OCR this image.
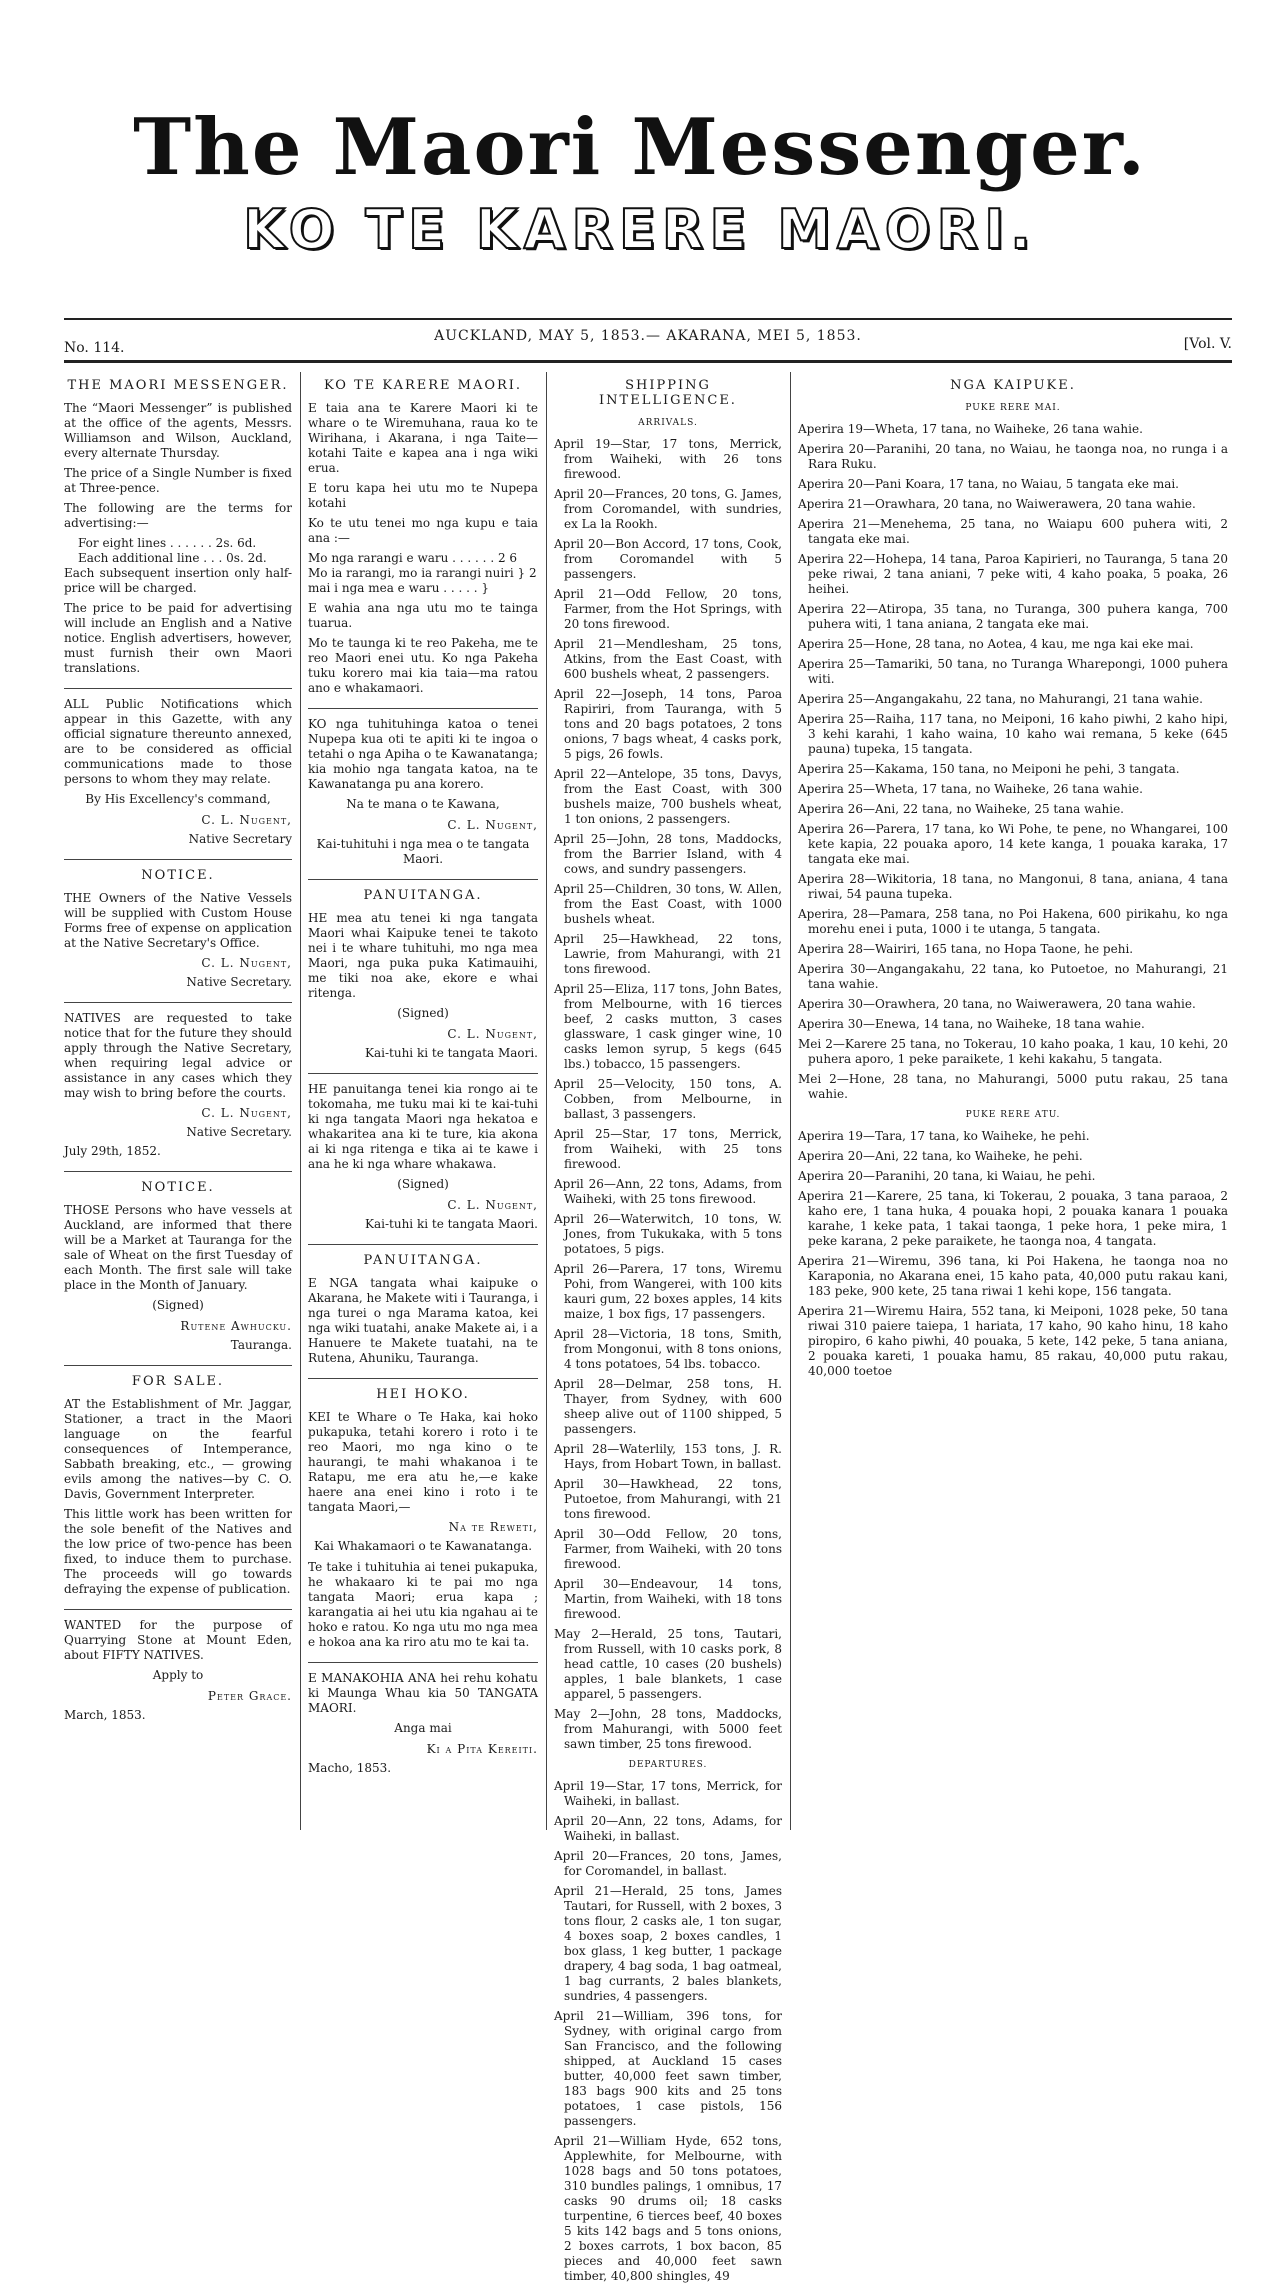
The Maori Messenger.
KO TE KARERE MAORI.
No. 114.
AUCKLAND, MAY 5, 1853.— AKARANA, MEI 5, 1853.	[Vol. V.
THE MAORI MESSENGER.

The “Maori Messenger” is published at the office of the agents, Messrs. Williamson and Wilson, Auckland, every alternate Thursday.

The price of a Single Number is fixed at Three-pence.

The following are the terms for advertising:—

For eight lines . . . . . . 2s. 6d.

Each additional line . . . 0s. 2d.

Each subsequent insertion only half-price will be charged.

The price to be paid for advertising will include an English and a Native notice. English advertisers, however, must furnish their own Maori translations.

ALL Public Notifications which appear in this Gazette, with any official signature thereunto annexed, are to be considered as official communications made to those persons to whom they may relate.

By His Excellency's command,

C. L. Nugent,

Native Secretary

NOTICE.

THE Owners of the Native Vessels will be supplied with Custom House Forms free of expense on application at the Native Secretary's Office.

C. L. Nugent,

Native Secretary.

NATIVES are requested to take notice that for the future they should apply through the Native Secretary, when requiring legal advice or assistance in any cases which they may wish to bring before the courts.

C. L. Nugent,

Native Secretary.

July 29th, 1852.

NOTICE.

THOSE Persons who have vessels at Auckland, are informed that there will be a Market at Tauranga for the sale of Wheat on the first Tuesday of each Month. The first sale will take place in the Month of January.

(Signed)

Rutene Awhucku.

Tauranga.

FOR SALE.

AT the Establishment of Mr. Jaggar, Stationer, a tract in the Maori language on the fearful consequences of Intemperance, Sabbath breaking, etc., — growing evils among the natives—by C. O. Davis, Government Interpreter.

This little work has been written for the sole benefit of the Natives and the low price of two-pence has been fixed, to induce them to purchase. The proceeds will go towards defraying the expense of publication.

WANTED for the purpose of Quarrying Stone at Mount Eden, about FIFTY NATIVES.

Apply to

Peter Grace.

March, 1853.

KO TE KARERE MAORI.

E taia ana te Karere Maori ki te whare o te Wiremuhana, raua ko te Wirihana, i Akarana, i nga Taite—kotahi Taite e kapea ana i nga wiki erua.

E toru kapa hei utu mo te Nupepa kotahi

Ko te utu tenei mo nga kupu e taia ana :—

Mo nga rarangi e waru . . . . . . 2 6

Mo ia rarangi, mo ia rarangi nuiri } 2

mai i nga mea e waru . . . . . }

E wahia ana nga utu mo te tainga tuarua.

Mo te taunga ki te reo Pakeha, me te reo Maori enei utu. Ko nga Pakeha tuku korero mai kia taia—ma ratou ano e whakamaori.

KO nga tuhituhinga katoa o tenei Nupepa kua oti te apiti ki te ingoa o tetahi o nga Apiha o te Kawanatanga; kia mohio nga tangata katoa, na te Kawanatanga pu ana korero.

Na te mana o te Kawana,

C. L. Nugent,

Kai-tuhituhi i nga mea o te tangata Maori.

PANUITANGA.

HE mea atu tenei ki nga tangata Maori whai Kaipuke tenei te takoto nei i te whare tuhituhi, mo nga mea Maori, nga puka puka Katimauihi, me tiki noa ake, ekore e whai ritenga.

(Signed)

C. L. Nugent,

Kai-tuhi ki te tangata Maori.

HE panuitanga tenei kia rongo ai te tokomaha, me tuku mai ki te kai-tuhi ki nga tangata Maori nga hekatoa e whakaritea ana ki te ture, kia akona ai ki nga ritenga e tika ai te kawe i ana he ki nga whare whakawa.

(Signed)

C. L. Nugent,

Kai-tuhi ki te tangata Maori.

PANUITANGA.

E NGA tangata whai kaipuke o Akarana, he Makete witi i Tauranga, i nga turei o nga Marama katoa, kei nga wiki tuatahi, anake Makete ai, i a Hanuere te Makete tuatahi, na te Rutena, Ahuniku, Tauranga.

HEI HOKO.

KEI te Whare o Te Haka, kai hoko pukapuka, tetahi korero i roto i te reo Maori, mo nga kino o te haurangi, te mahi whakanoa i te Ratapu, me era atu he,—e kake haere ana enei kino i roto i te tangata Maori,—

Na te Reweti,

Kai Whakamaori o te Kawanatanga.

Te take i tuhituhia ai tenei pukapuka, he whakaaro ki te pai mo nga tangata Maori; erua kapa ; karangatia ai hei utu kia ngahau ai te hoko e ratou. Ko nga utu mo nga mea e hokoa ana ka riro atu mo te kai ta.

E MANAKOHIA ANA hei rehu kohatu ki Maunga Whau kia 50 TANGATA MAORI.

Anga mai

Ki a Pita Kereiti.

Macho, 1853.

SHIPPING INTELLIGENCE.
ARRIVALS.
April 19—Star, 17 tons, Merrick, from Waiheki, with 26 tons firewood.
April 20—Frances, 20 tons, G. James, from Coromandel, with sundries, ex La la Rookh.
April 20—Bon Accord, 17 tons, Cook, from Coromandel with 5 passengers.
April 21—Odd Fellow, 20 tons, Farmer, from the Hot Springs, with 20 tons firewood.
April 21—Mendlesham, 25 tons, Atkins, from the East Coast, with 600 bushels wheat, 2 passengers.
April 22—Joseph, 14 tons, Paroa Rapiriri, from Tauranga, with 5 tons and 20 bags potatoes, 2 tons onions, 7 bags wheat, 4 casks pork, 5 pigs, 26 fowls.
April 22—Antelope, 35 tons, Davys, from the East Coast, with 300 bushels maize, 700 bushels wheat, 1 ton onions, 2 passengers.
April 25—John, 28 tons, Maddocks, from the Barrier Island, with 4 cows, and sundry passengers.
April 25—Children, 30 tons, W. Allen, from the East Coast, with 1000 bushels wheat.
April 25—Hawkhead, 22 tons, Lawrie, from Mahurangi, with 21 tons firewood.
April 25—Eliza, 117 tons, John Bates, from Melbourne, with 16 tierces beef, 2 casks mutton, 3 cases glassware, 1 cask ginger wine, 10 casks lemon syrup, 5 kegs (645 lbs.) tobacco, 15 passengers.
April 25—Velocity, 150 tons, A. Cobben, from Melbourne, in ballast, 3 passengers.
April 25—Star, 17 tons, Merrick, from Waiheki, with 25 tons firewood.
April 26—Ann, 22 tons, Adams, from Waiheki, with 25 tons firewood.
April 26—Waterwitch, 10 tons, W. Jones, from Tukukaka, with 5 tons potatoes, 5 pigs.
April 26—Parera, 17 tons, Wiremu Pohi, from Wangerei, with 100 kits kauri gum, 22 boxes apples, 14 kits maize, 1 box figs, 17 passengers.
April 28—Victoria, 18 tons, Smith, from Mongonui, with 8 tons onions, 4 tons potatoes, 54 lbs. tobacco.
April 28—Delmar, 258 tons, H. Thayer, from Sydney, with 600 sheep alive out of 1100 shipped, 5 passengers.
April 28—Waterlily, 153 tons, J. R. Hays, from Hobart Town, in ballast.
April 30—Hawkhead, 22 tons, Putoetoe, from Mahurangi, with 21 tons firewood.
April 30—Odd Fellow, 20 tons, Farmer, from Waiheki, with 20 tons firewood.
April 30—Endeavour, 14 tons, Martin, from Waiheki, with 18 tons firewood.
May 2—Herald, 25 tons, Tautari, from Russell, with 10 casks pork, 8 head cattle, 10 cases (20 bushels) apples, 1 bale blankets, 1 case apparel, 5 passengers.
May 2—John, 28 tons, Maddocks, from Mahurangi, with 5000 feet sawn timber, 25 tons firewood.
DEPARTURES.
April 19—Star, 17 tons, Merrick, for Waiheki, in ballast.
April 20—Ann, 22 tons, Adams, for Waiheki, in ballast.
April 20—Frances, 20 tons, James, for Coromandel, in ballast.
April 21—Herald, 25 tons, James Tautari, for Russell, with 2 boxes, 3 tons flour, 2 casks ale, 1 ton sugar, 4 boxes soap, 2 boxes candles, 1 box glass, 1 keg butter, 1 package drapery, 4 bag soda, 1 bag oatmeal, 1 bag currants, 2 bales blankets, sundries, 4 passengers.
April 21—William, 396 tons, for Sydney, with original cargo from San Francisco, and the following shipped, at Auckland 15 cases butter, 40,000 feet sawn timber, 183 bags 900 kits and 25 tons potatoes, 1 case pistols, 156 passengers.
April 21—William Hyde, 652 tons, Applewhite, for Melbourne, with 1028 bags and 50 tons potatoes, 310 bundles palings, 1 omnibus, 17 casks 90 drums oil; 18 casks turpentine, 6 tierces beef, 40 boxes 5 kits 142 bags and 5 tons onions, 2 boxes carrots, 1 box bacon, 85 pieces and 40,000 feet sawn timber, 40,800 shingles, 49
NGA KAIPUKE.
PUKE RERE MAI.
Aperira 19—Wheta, 17 tana, no Waiheke, 26 tana wahie.
Aperira 20—Paranihi, 20 tana, no Waiau, he taonga noa, no runga i a Rara Ruku.
Aperira 20—Pani Koara, 17 tana, no Waiau, 5 tangata eke mai.
Aperira 21—Orawhara, 20 tana, no Waiwerawera, 20 tana wahie.
Aperira 21—Menehema, 25 tana, no Waiapu 600 puhera witi, 2 tangata eke mai.
Aperira 22—Hohepa, 14 tana, Paroa Kapirieri, no Tauranga, 5 tana 20 peke riwai, 2 tana aniani, 7 peke witi, 4 kaho poaka, 5 poaka, 26 heihei.
Aperira 22—Atiropa, 35 tana, no Turanga, 300 puhera kanga, 700 puhera witi, 1 tana aniana, 2 tangata eke mai.
Aperira 25—Hone, 28 tana, no Aotea, 4 kau, me nga kai eke mai.
Aperira 25—Tamariki, 50 tana, no Turanga Wharepongi, 1000 puhera witi.
Aperira 25—Angangakahu, 22 tana, no Mahurangi, 21 tana wahie.
Aperira 25—Raiha, 117 tana, no Meiponi, 16 kaho piwhi, 2 kaho hipi, 3 kehi karahi, 1 kaho waina, 10 kaho wai remana, 5 keke (645 pauna) tupeka, 15 tangata.
Aperira 25—Kakama, 150 tana, no Meiponi he pehi, 3 tangata.
Aperira 25—Wheta, 17 tana, no Waiheke, 26 tana wahie.
Aperira 26—Ani, 22 tana, no Waiheke, 25 tana wahie.
Aperira 26—Parera, 17 tana, ko Wi Pohe, te pene, no Whangarei, 100 kete kapia, 22 pouaka aporo, 14 kete kanga, 1 pouaka karaka, 17 tangata eke mai.
Aperira 28—Wikitoria, 18 tana, no Mangonui, 8 tana, aniana, 4 tana riwai, 54 pauna tupeka.
Aperira, 28—Pamara, 258 tana, no Poi Hakena, 600 pirikahu, ko nga morehu enei i puta, 1000 i te utanga, 5 tangata.
Aperira 28—Wairiri, 165 tana, no Hopa Taone, he pehi.
Aperira 30—Angangakahu, 22 tana, ko Putoetoe, no Mahurangi, 21 tana wahie.
Aperira 30—Orawhera, 20 tana, no Waiwerawera, 20 tana wahie.
Aperira 30—Enewa, 14 tana, no Waiheke, 18 tana wahie.
Mei 2—Karere 25 tana, no Tokerau, 10 kaho poaka, 1 kau, 10 kehi, 20 puhera aporo, 1 peke paraikete, 1 kehi kakahu, 5 tangata.
Mei 2—Hone, 28 tana, no Mahurangi, 5000 putu rakau, 25 tana wahie.
PUKE RERE ATU.
Aperira 19—Tara, 17 tana, ko Waiheke, he pehi.
Aperira 20—Ani, 22 tana, ko Waiheke, he pehi.
Aperira 20—Paranihi, 20 tana, ki Waiau, he pehi.
Aperira 21—Karere, 25 tana, ki Tokerau, 2 pouaka, 3 tana paraoa, 2 kaho ere, 1 tana huka, 4 pouaka hopi, 2 pouaka kanara 1 pouaka karahe, 1 keke pata, 1 takai taonga, 1 peke hora, 1 peke mira, 1 peke karana, 2 peke paraikete, he taonga noa, 4 tangata.
Aperira 21—Wiremu, 396 tana, ki Poi Hakena, he taonga noa no Karaponia, no Akarana enei, 15 kaho pata, 40,000 putu rakau kani, 183 peke, 900 kete, 25 tana riwai 1 kehi kope, 156 tangata.
Aperira 21—Wiremu Haira, 552 tana, ki Meiponi, 1028 peke, 50 tana riwai 310 paiere taiepa, 1 hariata, 17 kaho, 90 kaho hinu, 18 kaho piropiro, 6 kaho piwhi, 40 pouaka, 5 kete, 142 peke, 5 tana aniana, 2 pouaka kareti, 1 pouaka hamu, 85 rakau, 40,000 putu rakau, 40,000 toetoe
